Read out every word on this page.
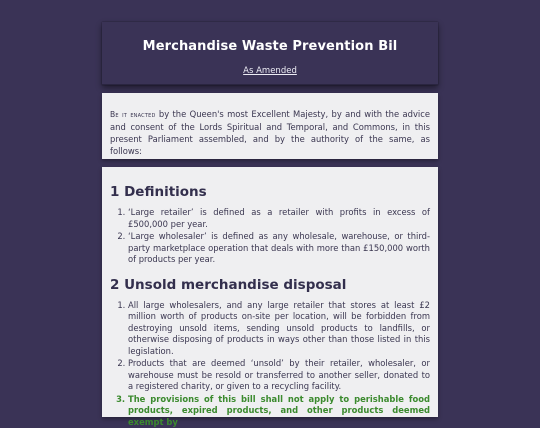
Merchandise Waste Prevention Bil
As Amended

Be it enacted by the Queen's most Excellent Majesty, by and with the advice and consent of the Lords Spiritual and Temporal, and Commons, in this present Parliament assembled, and by the authority of the same, as follows:

1 Definitions
1. ‘Large retailer’ is defined as a retailer with profits in excess of £500,000 per year.
2. ‘Large wholesaler’ is defined as any wholesale, warehouse, or third-party marketplace operation that deals with more than £150,000 worth of products per year.
2 Unsold merchandise disposal
1. All large wholesalers, and any large retailer that stores at least £2 million worth of products on-site per location, will be forbidden from destroying unsold items, sending unsold products to landfills, or otherwise disposing of products in ways other than those listed in this legislation.
2. Products that are deemed ‘unsold’ by their retailer, wholesaler, or warehouse must be resold or transferred to another seller, donated to a registered charity, or given to a recycling facility.
3. The provisions of this bill shall not apply to perishable food products, expired products, and other products deemed exempt by
